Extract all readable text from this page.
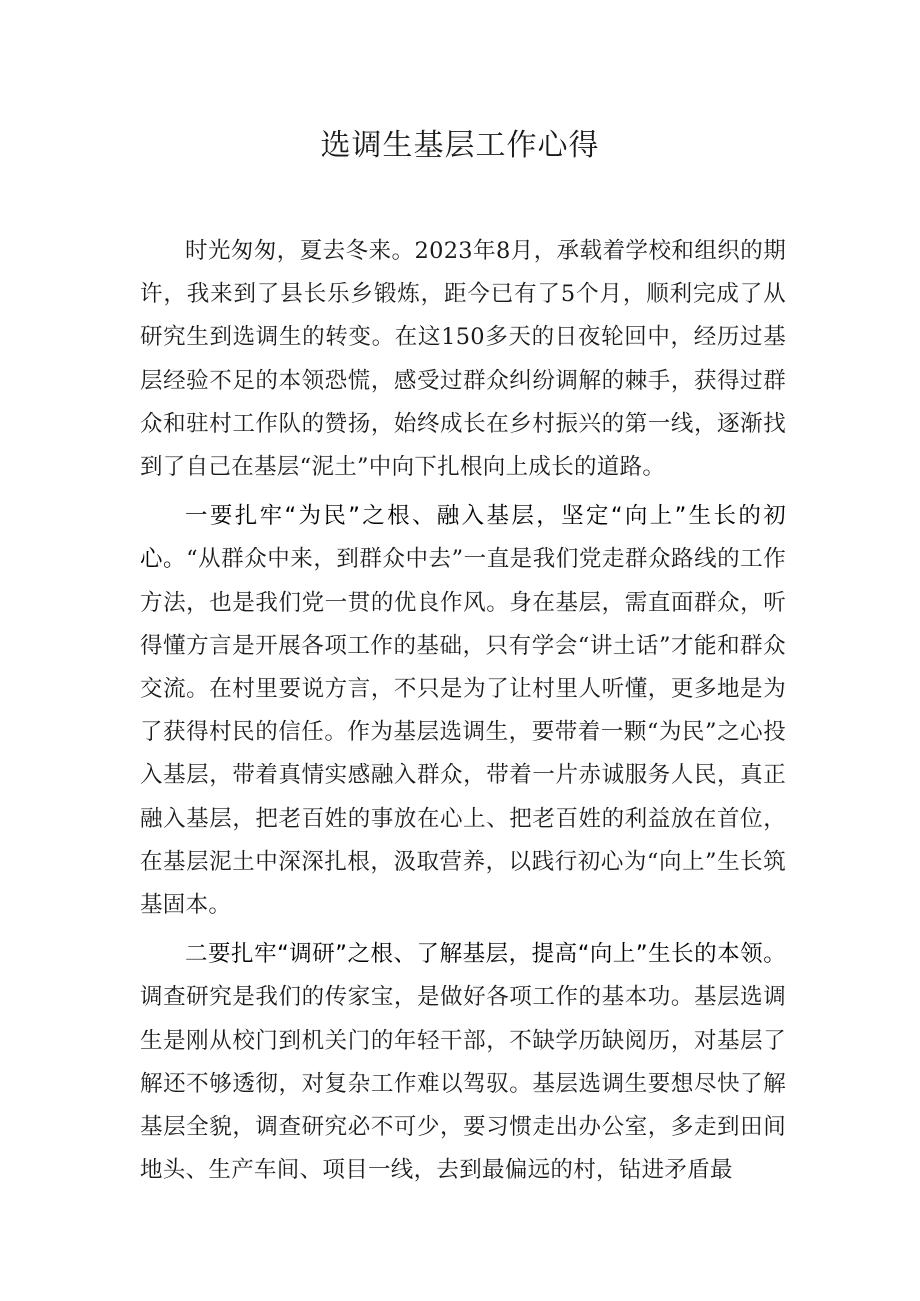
选调生基层工作心得

时光匆匆，夏去冬来。2023年8月，承载着学校和组织的期许，我来到了县长乐乡锻炼，距今已有了5个月，顺利完成了从研究生到选调生的转变。在这150多天的日夜轮回中，经历过基层经验不足的本领恐慌，感受过群众纠纷调解的棘手，获得过群众和驻村工作队的赞扬，始终成长在乡村振兴的第一线，逐渐找到了自己在基层“泥土”中向下扎根向上成长的道路。

一要扎牢“为民”之根、融入基层，坚定“向上”生长的初心。“从群众中来，到群众中去”一直是我们党走群众路线的工作方法，也是我们党一贯的优良作风。身在基层，需直面群众，听得懂方言是开展各项工作的基础，只有学会“讲土话”才能和群众交流。在村里要说方言，不只是为了让村里人听懂，更多地是为了获得村民的信任。作为基层选调生，要带着一颗“为民”之心投入基层，带着真情实感融入群众，带着一片赤诚服务人民，真正融入基层，把老百姓的事放在心上、把老百姓的利益放在首位，在基层泥土中深深扎根，汲取营养，以践行初心为“向上”生长筑基固本。

二要扎牢“调研”之根、了解基层，提高“向上”生长的本领。调查研究是我们的传家宝，是做好各项工作的基本功。基层选调生是刚从校门到机关门的年轻干部，不缺学历缺阅历，对基层了解还不够透彻，对复杂工作难以驾驭。基层选调生要想尽快了解基层全貌，调查研究必不可少，要习惯走出办公室，多走到田间地头、生产车间、项目一线，去到最偏远的村，钻进矛盾最
